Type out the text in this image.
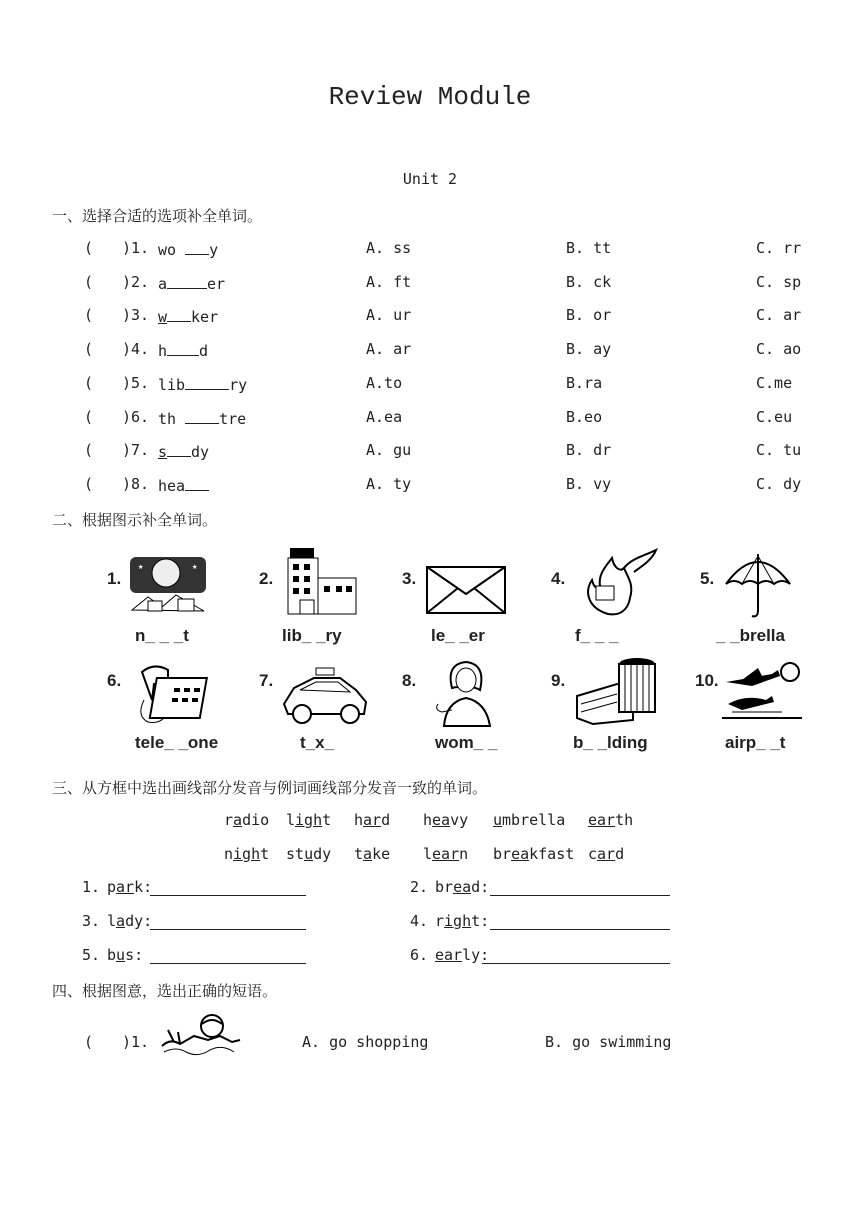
Review Module
Unit 2
一、选择合适的选项补全单词。
( )1. wo y	A. ss	B. tt	C. rr
( )2. a	er	A. ft	B. ck	C. sp
( )3. w ker	A. ur	B. or	C. ar
( )4. h d	A. ar	B. ay	C. ao
( )5. lib	ry	A.to	B.ra	C.me
( )6. th tre	A.ea	B.eo	C.eu
( )7. s dy	A. gu	B. dr	C. tu
( )8. hea	A. ty	B. vy	C. dy
二、根据图示补全单词。
1.
★	★
n_ _ _t
2.
lib_ _ry
3.
le_ _er
4.
f_ _ _
5.
_ _brella
6.
tele_ _one
7.
t_x_
8.
wom_ _
9.
b_ _lding
10.
airp_ _t
三、从方框中选出画线部分发音与例词画线部分发音一致的单词。
radio light hard heavy umbrella earth
night study take learn breakfast card
1. park:	2. bread:
3. lady:	4. right:
5. bus:	6. early:
四、根据图意，选出正确的短语。
( )1.	A. go shopping	B. go swimming
